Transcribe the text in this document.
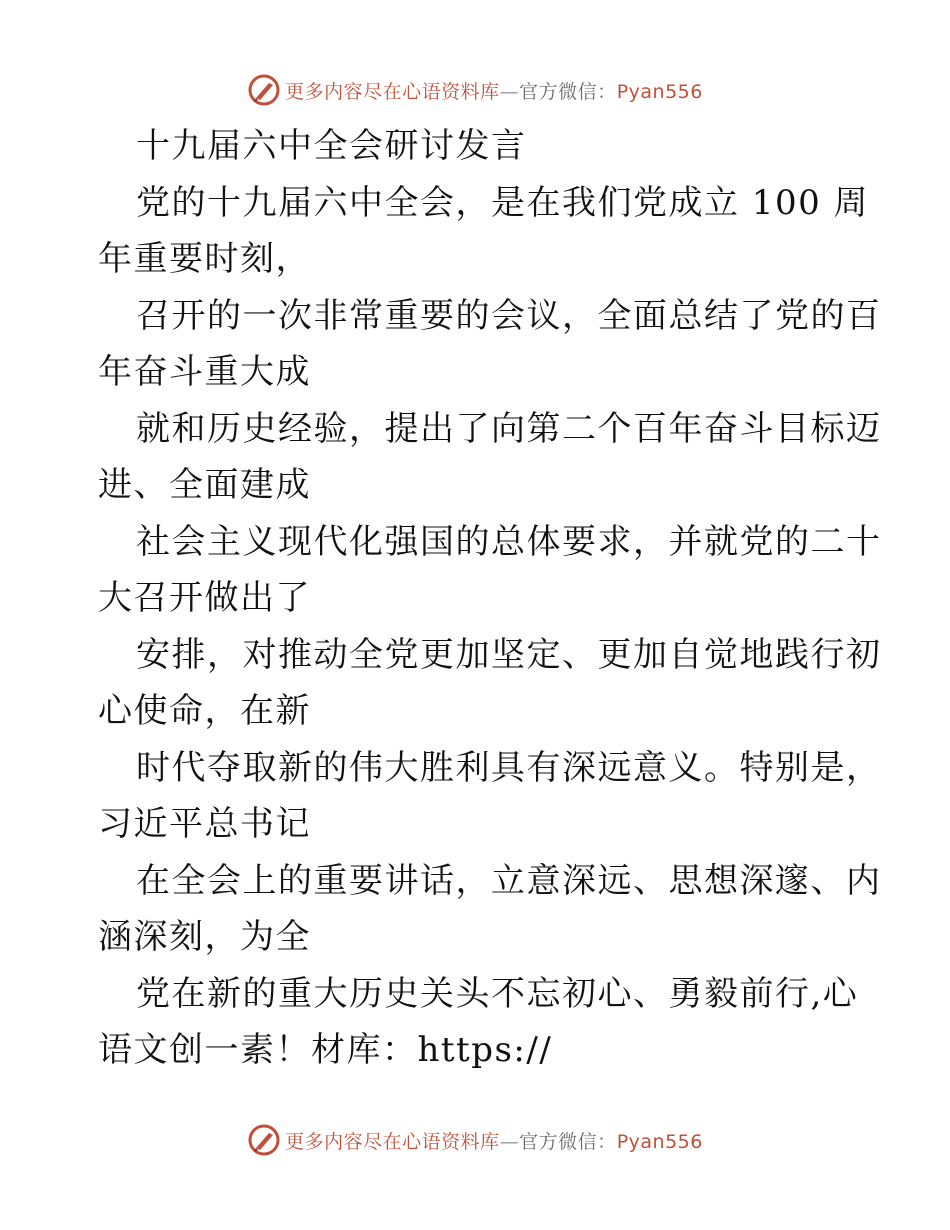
更多内容尽在心语资料库—官方微信：Pyan556
十九届六中全会研讨发言
党的十九届六中全会，是在我们党成立 100 周
年重要时刻，
召开的一次非常重要的会议，全面总结了党的百
年奋斗重大成
就和历史经验，提出了向第二个百年奋斗目标迈
进、全面建成
社会主义现代化强国的总体要求，并就党的二十
大召开做出了
安排，对推动全党更加坚定、更加自觉地践行初
心使命，在新
时代夺取新的伟大胜利具有深远意义。特别是，
习近平总书记
在全会上的重要讲话，立意深远、思想深邃、内
涵深刻，为全
党在新的重大历史关头不忘初心、勇毅前行,心
语文创一素！材库：https://
更多内容尽在心语资料库—官方微信：Pyan556
